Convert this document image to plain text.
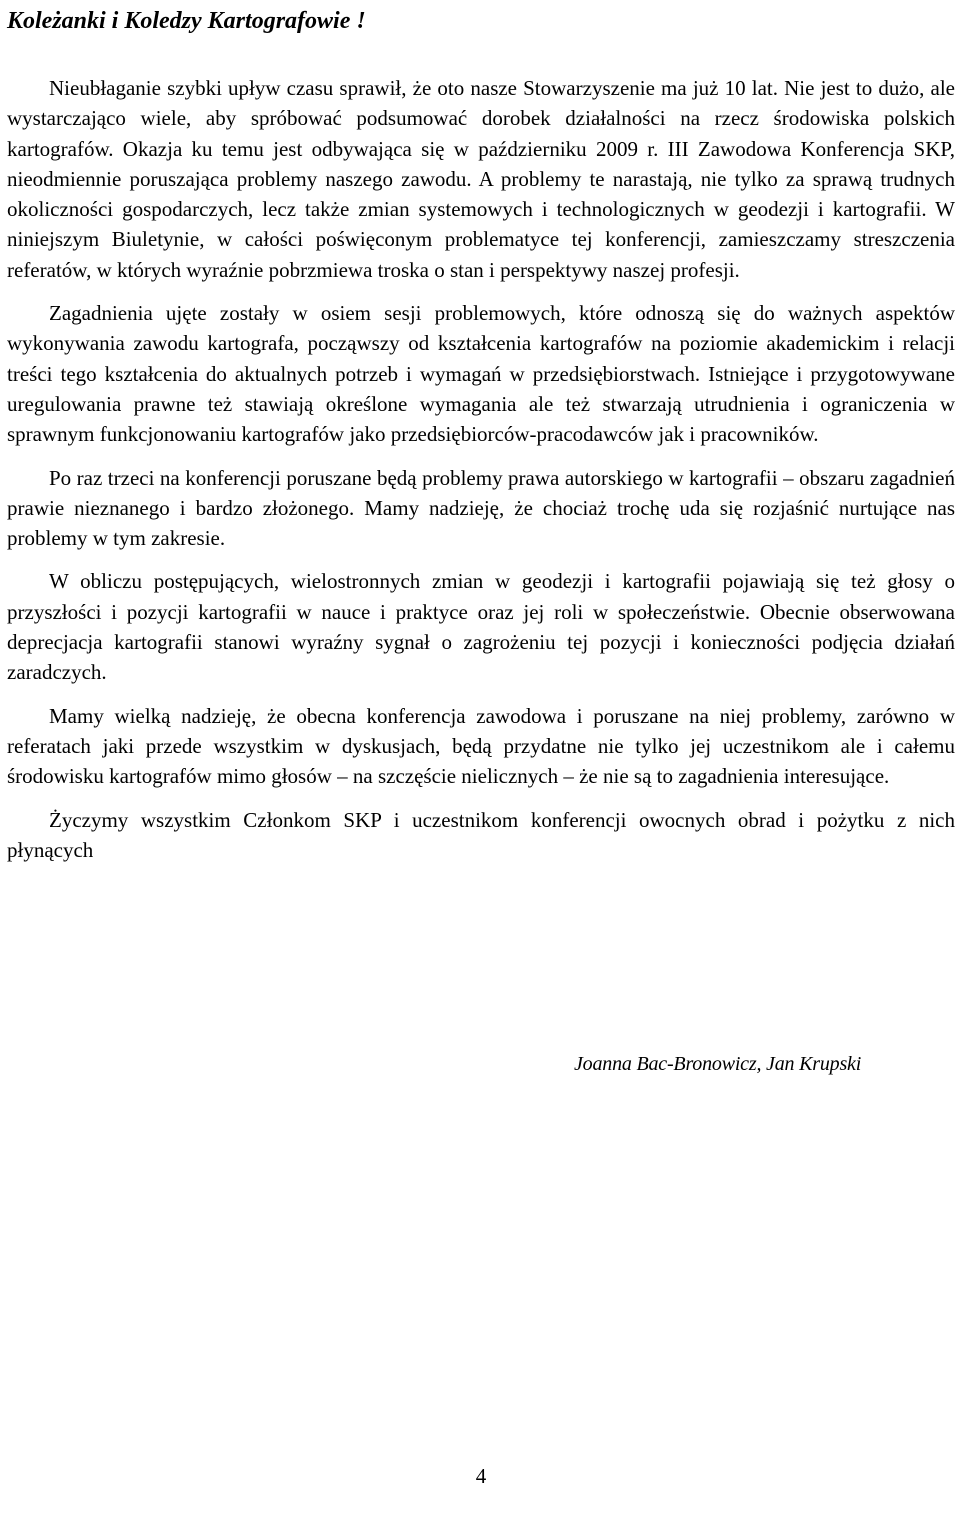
Koleżanki i Koledzy Kartografowie !

Nieubłaganie szybki upływ czasu sprawił, że oto nasze Stowarzyszenie ma już 10 lat. Nie jest to dużo, ale wystarczająco wiele, aby spróbować podsumować dorobek działalności na rzecz środowiska polskich kartografów. Okazja ku temu jest odbywająca się w październiku 2009 r. III Zawodowa Konferencja SKP, nieodmiennie poruszająca problemy naszego zawodu. A problemy te narastają, nie tylko za sprawą trudnych okoliczności gospodarczych, lecz także zmian systemowych i technologicznych w geodezji i kartografii. W niniejszym Biuletynie, w całości poświęconym problematyce tej konferencji, zamieszczamy streszczenia referatów, w których wyraźnie pobrzmiewa troska o stan i perspektywy naszej profesji.

Zagadnienia ujęte zostały w osiem sesji problemowych, które odnoszą się do ważnych aspektów wykonywania zawodu kartografa, począwszy od kształcenia kartografów na poziomie akademickim i relacji treści tego kształcenia do aktualnych potrzeb i wymagań w przedsiębiorstwach. Istniejące i przygotowywane uregulowania prawne też stawiają określone wymagania ale też stwarzają utrudnienia i ograniczenia w sprawnym funkcjonowaniu kartografów jako przedsiębiorców-pracodawców jak i pracowników.

Po raz trzeci na konferencji poruszane będą problemy prawa autorskiego w kartografii – obszaru zagadnień prawie nieznanego i bardzo złożonego. Mamy nadzieję, że chociaż trochę uda się rozjaśnić nurtujące nas problemy w tym zakresie.

W obliczu postępujących, wielostronnych zmian w geodezji i kartografii pojawiają się też głosy o przyszłości i pozycji kartografii w nauce i praktyce oraz jej roli w społeczeństwie. Obecnie obserwowana deprecjacja kartografii stanowi wyraźny sygnał o zagrożeniu tej pozycji i konieczności podjęcia działań zaradczych.

Mamy wielką nadzieję, że obecna konferencja zawodowa i poruszane na niej problemy, zarówno w referatach jaki przede wszystkim w dyskusjach, będą przydatne nie tylko jej uczestnikom ale i całemu środowisku kartografów mimo głosów – na szczęście nielicznych – że nie są to zagadnienia interesujące.

Życzymy wszystkim Członkom SKP i uczestnikom konferencji owocnych obrad i pożytku z nich płynących

Joanna Bac-Bronowicz, Jan Krupski
4
